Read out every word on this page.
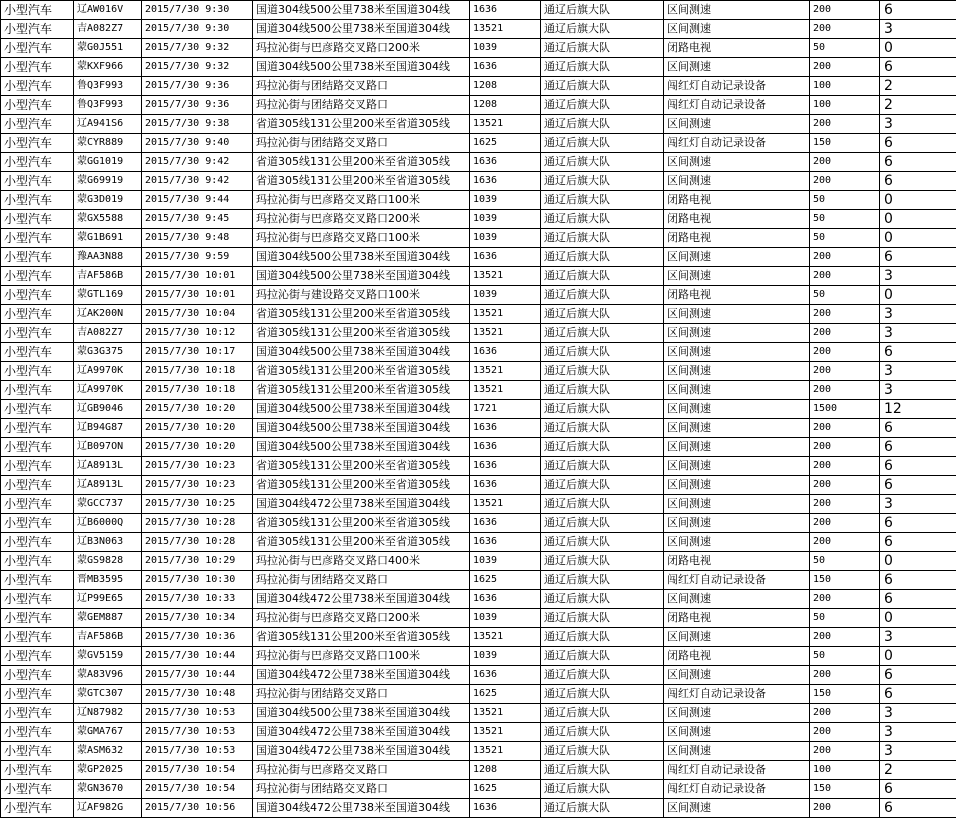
小型汽车	辽AW016V	2015/7/30 9:30	国道304线500公里738米至国道304线	1636	通辽后旗大队	区间测速	200	6
小型汽车	吉A082Z7	2015/7/30 9:30	国道304线500公里738米至国道304线	13521	通辽后旗大队	区间测速	200	3
小型汽车	蒙G0J551	2015/7/30 9:32	玛拉沁街与巴彦路交叉路口200米	1039	通辽后旗大队	闭路电视	50	0
小型汽车	蒙KXF966	2015/7/30 9:32	国道304线500公里738米至国道304线	1636	通辽后旗大队	区间测速	200	6
小型汽车	鲁Q3F993	2015/7/30 9:36	玛拉沁街与团结路交叉路口	1208	通辽后旗大队	闯红灯自动记录设备	100	2
小型汽车	鲁Q3F993	2015/7/30 9:36	玛拉沁街与团结路交叉路口	1208	通辽后旗大队	闯红灯自动记录设备	100	2
小型汽车	辽A941S6	2015/7/30 9:38	省道305线131公里200米至省道305线	13521	通辽后旗大队	区间测速	200	3
小型汽车	蒙CYR889	2015/7/30 9:40	玛拉沁街与团结路交叉路口	1625	通辽后旗大队	闯红灯自动记录设备	150	6
小型汽车	蒙GG1019	2015/7/30 9:42	省道305线131公里200米至省道305线	1636	通辽后旗大队	区间测速	200	6
小型汽车	蒙G69919	2015/7/30 9:42	省道305线131公里200米至省道305线	1636	通辽后旗大队	区间测速	200	6
小型汽车	蒙G3D019	2015/7/30 9:44	玛拉沁街与巴彦路交叉路口100米	1039	通辽后旗大队	闭路电视	50	0
小型汽车	蒙GX5588	2015/7/30 9:45	玛拉沁街与巴彦路交叉路口200米	1039	通辽后旗大队	闭路电视	50	0
小型汽车	蒙G1B691	2015/7/30 9:48	玛拉沁街与巴彦路交叉路口100米	1039	通辽后旗大队	闭路电视	50	0
小型汽车	豫AA3N88	2015/7/30 9:59	国道304线500公里738米至国道304线	1636	通辽后旗大队	区间测速	200	6
小型汽车	吉AF586B	2015/7/30 10:01	国道304线500公里738米至国道304线	13521	通辽后旗大队	区间测速	200	3
小型汽车	蒙GTL169	2015/7/30 10:01	玛拉沁街与建设路交叉路口100米	1039	通辽后旗大队	闭路电视	50	0
小型汽车	辽AK200N	2015/7/30 10:04	省道305线131公里200米至省道305线	13521	通辽后旗大队	区间测速	200	3
小型汽车	吉A082Z7	2015/7/30 10:12	省道305线131公里200米至省道305线	13521	通辽后旗大队	区间测速	200	3
小型汽车	蒙G3G375	2015/7/30 10:17	国道304线500公里738米至国道304线	1636	通辽后旗大队	区间测速	200	6
小型汽车	辽A9970K	2015/7/30 10:18	省道305线131公里200米至省道305线	13521	通辽后旗大队	区间测速	200	3
小型汽车	辽A9970K	2015/7/30 10:18	省道305线131公里200米至省道305线	13521	通辽后旗大队	区间测速	200	3
小型汽车	辽GB9046	2015/7/30 10:20	国道304线500公里738米至国道304线	1721	通辽后旗大队	区间测速	1500	12
小型汽车	辽B94G87	2015/7/30 10:20	国道304线500公里738米至国道304线	1636	通辽后旗大队	区间测速	200	6
小型汽车	辽B097ON	2015/7/30 10:20	国道304线500公里738米至国道304线	1636	通辽后旗大队	区间测速	200	6
小型汽车	辽A8913L	2015/7/30 10:23	省道305线131公里200米至省道305线	1636	通辽后旗大队	区间测速	200	6
小型汽车	辽A8913L	2015/7/30 10:23	省道305线131公里200米至省道305线	1636	通辽后旗大队	区间测速	200	6
小型汽车	蒙GCC737	2015/7/30 10:25	国道304线472公里738米至国道304线	13521	通辽后旗大队	区间测速	200	3
小型汽车	辽B6000Q	2015/7/30 10:28	省道305线131公里200米至省道305线	1636	通辽后旗大队	区间测速	200	6
小型汽车	辽B3N063	2015/7/30 10:28	省道305线131公里200米至省道305线	1636	通辽后旗大队	区间测速	200	6
小型汽车	蒙GS9828	2015/7/30 10:29	玛拉沁街与巴彦路交叉路口400米	1039	通辽后旗大队	闭路电视	50	0
小型汽车	晋MB3595	2015/7/30 10:30	玛拉沁街与团结路交叉路口	1625	通辽后旗大队	闯红灯自动记录设备	150	6
小型汽车	辽P99E65	2015/7/30 10:33	国道304线472公里738米至国道304线	1636	通辽后旗大队	区间测速	200	6
小型汽车	蒙GEM887	2015/7/30 10:34	玛拉沁街与巴彦路交叉路口200米	1039	通辽后旗大队	闭路电视	50	0
小型汽车	吉AF586B	2015/7/30 10:36	省道305线131公里200米至省道305线	13521	通辽后旗大队	区间测速	200	3
小型汽车	蒙GV5159	2015/7/30 10:44	玛拉沁街与巴彦路交叉路口100米	1039	通辽后旗大队	闭路电视	50	0
小型汽车	蒙A83V96	2015/7/30 10:44	国道304线472公里738米至国道304线	1636	通辽后旗大队	区间测速	200	6
小型汽车	蒙GTC307	2015/7/30 10:48	玛拉沁街与团结路交叉路口	1625	通辽后旗大队	闯红灯自动记录设备	150	6
小型汽车	辽N87982	2015/7/30 10:53	国道304线500公里738米至国道304线	13521	通辽后旗大队	区间测速	200	3
小型汽车	蒙GMA767	2015/7/30 10:53	国道304线472公里738米至国道304线	13521	通辽后旗大队	区间测速	200	3
小型汽车	蒙ASM632	2015/7/30 10:53	国道304线472公里738米至国道304线	13521	通辽后旗大队	区间测速	200	3
小型汽车	蒙GP2025	2015/7/30 10:54	玛拉沁街与巴彦路交叉路口	1208	通辽后旗大队	闯红灯自动记录设备	100	2
小型汽车	蒙GN3670	2015/7/30 10:54	玛拉沁街与团结路交叉路口	1625	通辽后旗大队	闯红灯自动记录设备	150	6
小型汽车	辽AF982G	2015/7/30 10:56	国道304线472公里738米至国道304线	1636	通辽后旗大队	区间测速	200	6
